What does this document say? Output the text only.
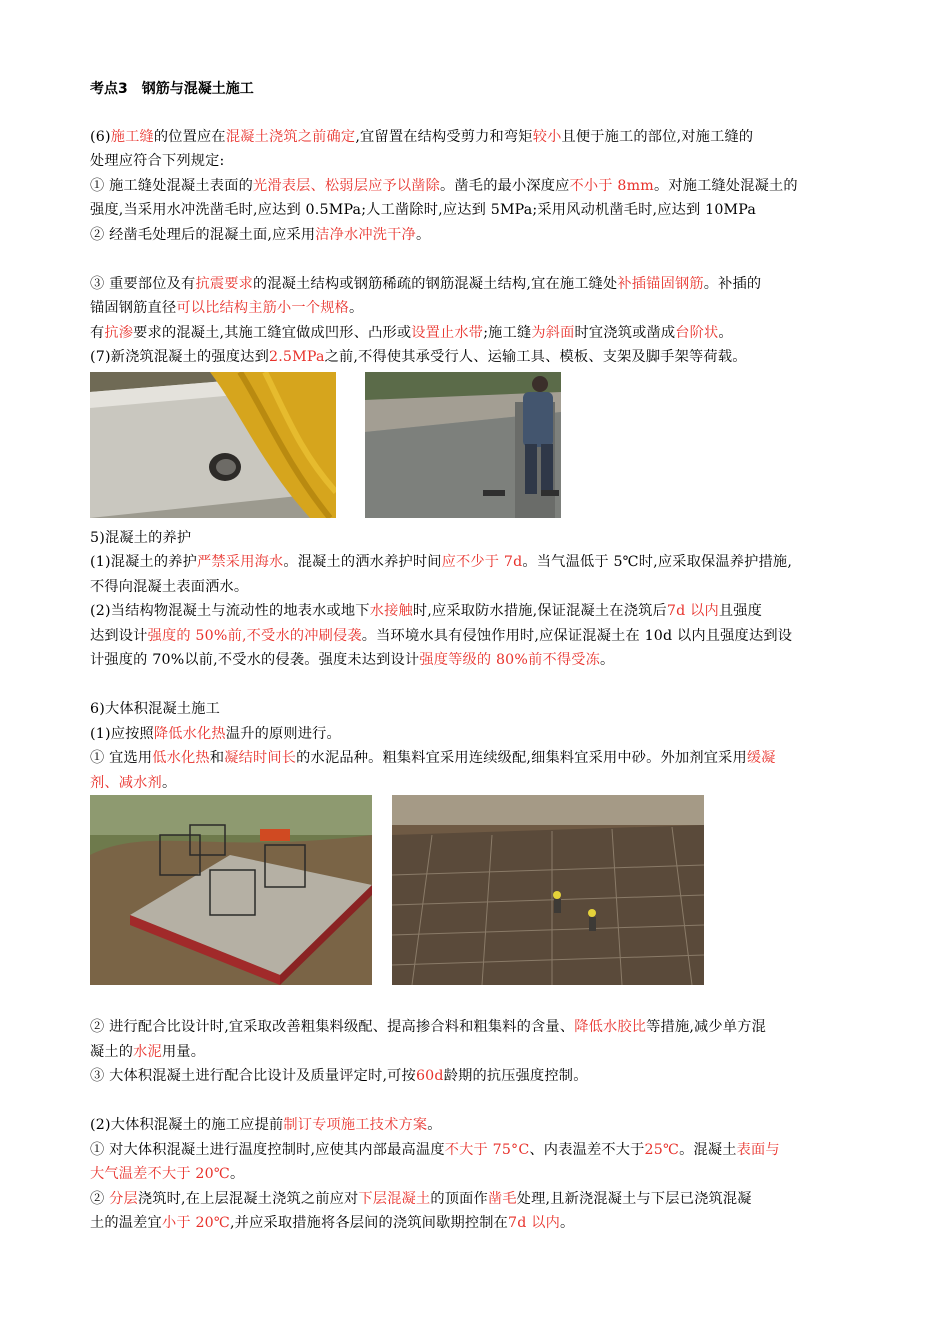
考点3　钢筋与混凝土施工
(6)施工缝的位置应在混凝土浇筑之前确定,宜留置在结构受剪力和弯矩较小且便于施工的部位,对施工缝的
处理应符合下列规定:
① 施工缝处混凝土表面的光滑表层、松弱层应予以凿除。凿毛的最小深度应不小于 8mm。对施工缝处混凝土的
强度,当采用水冲洗凿毛时,应达到 0.5MPa;人工凿除时,应达到 5MPa;采用风动机凿毛时,应达到 10MPa
② 经凿毛处理后的混凝土面,应采用洁净水冲洗干净。
③ 重要部位及有抗震要求的混凝土结构或钢筋稀疏的钢筋混凝土结构,宜在施工缝处补插锚固钢筋。补插的
锚固钢筋直径可以比结构主筋小一个规格。
有抗渗要求的混凝土,其施工缝宜做成凹形、凸形或设置止水带;施工缝为斜面时宜浇筑或凿成台阶状。
(7)新浇筑混凝土的强度达到2.5MPa之前,不得使其承受行人、运输工具、模板、支架及脚手架等荷载。
5)混凝土的养护
(1)混凝土的养护严禁采用海水。混凝土的洒水养护时间应不少于 7d。当气温低于 5℃时,应采取保温养护措施,
不得向混凝土表面洒水。
(2)当结构物混凝土与流动性的地表水或地下水接触时,应采取防水措施,保证混凝土在浇筑后7d 以内且强度
达到设计强度的 50%前,不受水的冲刷侵袭。当环境水具有侵蚀作用时,应保证混凝土在 10d 以内且强度达到设
计强度的 70%以前,不受水的侵袭。强度未达到设计强度等级的 80%前不得受冻。
6)大体积混凝土施工
(1)应按照降低水化热温升的原则进行。
① 宜选用低水化热和凝结时间长的水泥品种。粗集料宜采用连续级配,细集料宜采用中砂。外加剂宜采用缓凝
剂、减水剂。
② 进行配合比设计时,宜采取改善粗集料级配、提高掺合料和粗集料的含量、降低水胶比等措施,减少单方混
凝土的水泥用量。
③ 大体积混凝土进行配合比设计及质量评定时,可按60d龄期的抗压强度控制。
(2)大体积混凝土的施工应提前制订专项施工技术方案。
① 对大体积混凝土进行温度控制时,应使其内部最高温度不大于 75°C、内表温差不大于25℃。混凝土表面与
大气温差不大于 20℃。
② 分层浇筑时,在上层混凝土浇筑之前应对下层混凝土的顶面作凿毛处理,且新浇混凝土与下层已浇筑混凝
土的温差宜小于 20℃,并应采取措施将各层间的浇筑间歇期控制在7d 以内。
